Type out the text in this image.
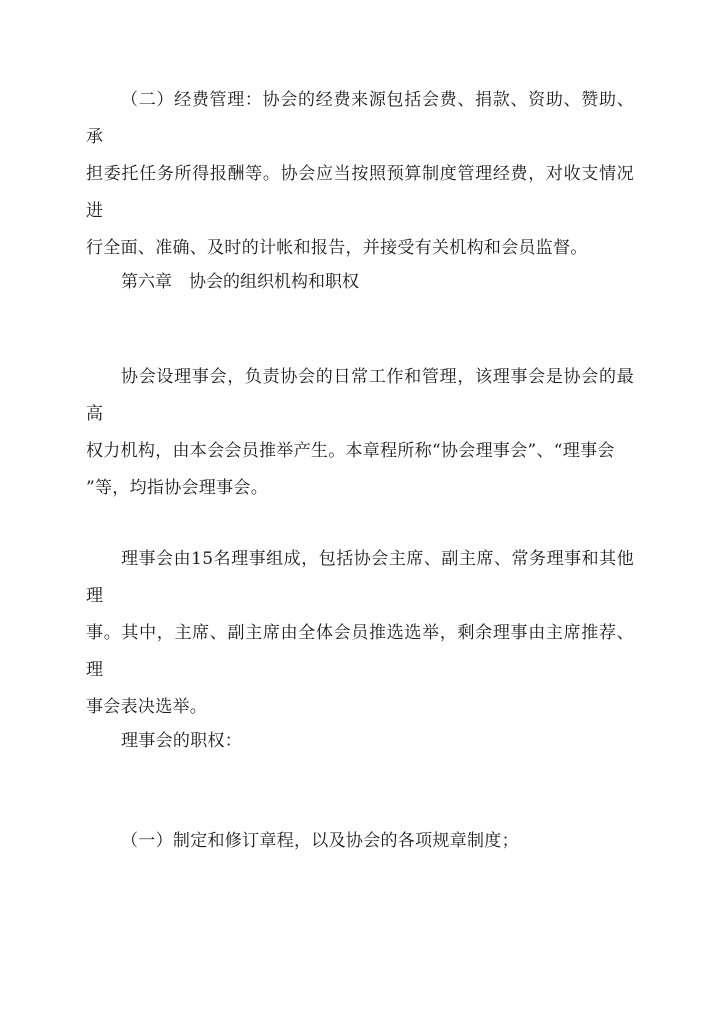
（二）经费管理：协会的经费来源包括会费、捐款、资助、赞助、承
担委托任务所得报酬等。协会应当按照预算制度管理经费，对收支情况进
行全面、准确、及时的计帐和报告，并接受有关机构和会员监督。
第六章　协会的组织机构和职权
协会设理事会，负责协会的日常工作和管理，该理事会是协会的最高
权力机构，由本会会员推举产生。本章程所称“协会理事会”、“理事会
”等，均指协会理事会。
理事会由15名理事组成，包括协会主席、副主席、常务理事和其他理
事。其中，主席、副主席由全体会员推选选举，剩余理事由主席推荐、理
事会表决选举。
理事会的职权：
（一）制定和修订章程，以及协会的各项规章制度；
